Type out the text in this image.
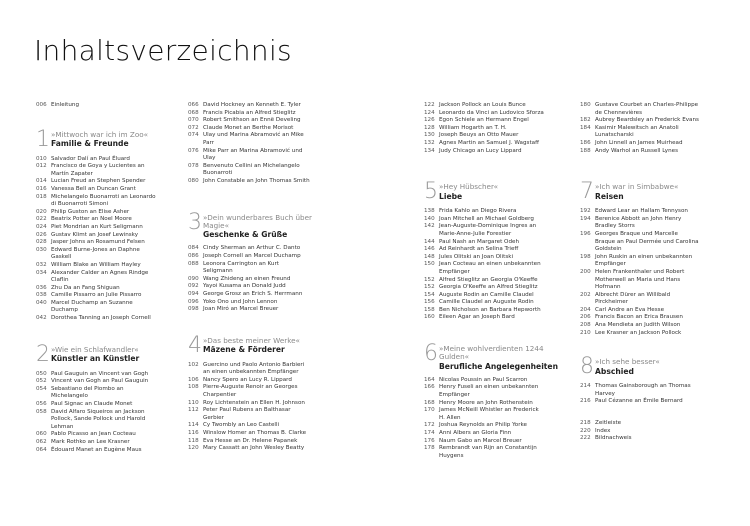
Inhaltsverzeichnis
006 Einleitung
1 »Mittwoch war ich im Zoo«
Familie & Freunde
010 Salvador Dalí an Paul Éluard
012 Francisco de Goya y Lucientes an
Martín Zapater
014 Lucian Freud an Stephen Spender
016 Vanessa Bell an Duncan Grant
018 Michelangelo Buonarroti an Leonardo
di Buonarroti Simoni
020 Philip Guston an Elise Asher
022 Beatrix Potter an Noel Moore
024 Piet Mondrian an Kurt Seligmann
026 Gustav Klimt an Josef Lewinsky
028 Jasper Johns an Rosamund Felsen
030 Edward Burne-Jones an Daphne
Gaskell
032 William Blake an William Hayley
034 Alexander Calder an Agnes Rindge
Claflin
036 Zhu Da an Fang Shiguan
038 Camille Pissarro an Julie Pissarro
040 Marcel Duchamp an Suzanne
Duchamp
042 Dorothea Tanning an Joseph Cornell
2 »Wie ein Schlafwandler«
Künstler an Künstler
050 Paul Gauguin an Vincent van Gogh
052 Vincent van Gogh an Paul Gauguin
054 Sebastiano del Piombo an
Michelangelo
056 Paul Signac an Claude Monet
058 David Alfaro Siqueiros an Jackson
Pollock, Sande Pollock und Harold
Lehman
060 Pablo Picasso an Jean Cocteau
062 Mark Rothko an Lee Krasner
064 Édouard Manet an Eugène Maus
066 David Hockney an Kenneth E. Tyler
068 Francis Picabia an Alfred Stieglitz
070 Robert Smithson an Ennë Develing
072 Claude Monet an Berthe Morisot
074 Ulay und Marina Abramović an Mike
Parr
076 Mike Parr an Marina Abramović und
Ulay
078 Benvenuto Cellini an Michelangelo
Buonarroti
080 John Constable an John Thomas Smith
3 »Dein wunderbares Buch über Magie«
Geschenke & Grüße
084 Cindy Sherman an Arthur C. Danto
086 Joseph Cornell an Marcel Duchamp
088 Leonora Carrington an Kurt
Seligmann
090 Wang Zhideng an einen Freund
092 Yayoi Kusama an Donald Judd
094 George Grosz an Erich S. Herrmann
096 Yoko Ono und John Lennon
098 Joan Miró an Marcel Breuer
4 »Das beste meiner Werke«
Mäzene & Förderer
102 Guercino und Paolo Antonio Barbieri
an einen unbekannten Empfänger
106 Nancy Spero an Lucy R. Lippard
108 Pierre-Auguste Renoir an Georges
Charpentier
110 Roy Lichtenstein an Ellen H. Johnson
112 Peter Paul Rubens an Balthasar
Gerbier
114 Cy Twombly an Leo Castelli
116 Winslow Homer an Thomas B. Clarke
118 Eva Hesse an Dr. Helene Papanek
120 Mary Cassatt an John Wesley Beatty
122 Jackson Pollock an Louis Bunce
124 Leonardo da Vinci an Ludovico Sforza
126 Egon Schiele an Hermann Engel
128 William Hogarth an T. H.
130 Joseph Beuys an Otto Mauer
132 Agnes Martin an Samuel J. Wagstaff
134 Judy Chicago an Lucy Lippard
5 »Hey Hübscher«
Liebe
138 Frida Kahlo an Diego Rivera
140 Joan Mitchell an Michael Goldberg
142 Jean-Auguste-Dominique Ingres an
Marie-Anne-Julie Forestier
144 Paul Nash an Margaret Odeh
146 Ad Reinhardt an Selina Trieff
148 Jules Olitski an Joan Olitski
150 Jean Cocteau an einen unbekannten
Empfänger
152 Alfred Stieglitz an Georgia O'Keeffe
152 Georgia O'Keeffe an Alfred Stieglitz
154 Auguste Rodin an Camille Claudel
156 Camille Claudel an Auguste Rodin
158 Ben Nicholson an Barbara Hepworth
160 Eileen Agar an Joseph Bard
6 »Meine wohlverdienten 1244 Gulden«
Berufliche Angelegenheiten
164 Nicolas Poussin an Paul Scarron
166 Henry Fuseli an einen unbekannten
Empfänger
168 Henry Moore an John Rothenstein
170 James McNeill Whistler an Frederick
H. Allen
172 Joshua Reynolds an Philip Yorke
174 Anni Albers an Gloria Finn
176 Naum Gabo an Marcel Breuer
178 Rembrandt van Rijn an Constantijn
Huygens
180 Gustave Courbet an Charles-Philippe
de Chennevières
182 Aubrey Beardsley an Frederick Evans
184 Kasimir Malewitsch an Anatoli
Lunatscharski
186 John Linnell an James Muirhead
188 Andy Warhol an Russell Lynes
7 »Ich war in Simbabwe«
Reisen
192 Edward Lear an Hallam Tennyson
194 Berenice Abbott an John Henry
Bradley Storrs
196 Georges Braque und Marcelle
Braque an Paul Dermée und Carolina
Goldstein
198 John Ruskin an einen unbekannten
Empfänger
200 Helen Frankenthaler und Robert
Motherwell an Maria und Hans
Hofmann
202 Albrecht Dürer an Willibald
Pirckheimer
204 Carl Andre an Eva Hesse
206 Francis Bacon an Erica Brausen
208 Ana Mendieta an Judith Wilson
210 Lee Krasner an Jackson Pollock
8 »Ich sehe besser«
Abschied
214 Thomas Gainsborough an Thomas
Harvey
216 Paul Cézanne an Émile Bernard
218 Zeitleiste
220 Index
222 Bildnachweis
